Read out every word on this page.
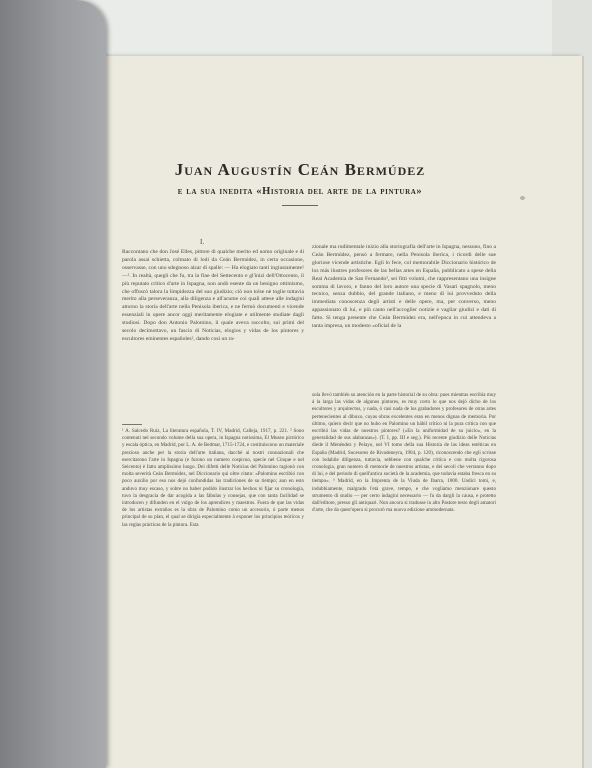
Juan Augustín Ceán Bermúdez
e la sua inedita «Historia del arte de la pintura»
I.

Raccontano che don José Elles, pittore di qualche merito ed uomo originale e di parola assai schietta, colmato di lodi da Ceán Bermúdez, in certa occasione, osservasse, con uno sdegnoso alzar di spalle: — Ha elogiato tanti ingiustamente! —¹. In realtà, quegli che fu, tra la fine del Settecento e gl'inizi dell'Ottocento, il più reputato critico d'arte in Ispagna, non andò esente da un benigno ottimismo, che offuscò talora la limpidezza del suo giudizio; ciò non tolse nè toglie tuttavia merito alla perseveranza, alla diligenza e all'acume coi quali attese alle indagini attorno la storia dell'arte nella Penisola iberica, e ne fermò documenti e vicende essenziali in opere ancor oggi meritamente elogiate e utilmente studiate dagli studiosi. Dopo don Antonio Palomino, il quale aveva raccolto, sui primi del secolo decimottavo, un fascio di Noticias, elogios y vidas de los pintores y escultores eminentes españoles², dando così un ra-

zionale ma rudimentale inizio alla storiografia dell'arte in Ispagna, nessuno, fino a Ceán Bermúdez, pensò a fermare, nella Penisola iberica, i ricordi delle sue gloriose vicende artistiche. Egli lo fece, col memorabile Diccionario histórico de los más ilustres profesores de las bellas artes en España, pubblicato a spese della Real Academia de San Fernando³, sei fitti volumi, che rappresentano una insigne somma di lavoro, e fanno del loro autore una specie di Vasari spagnolo, meno tecnico, senza dubbio, del grande italiano, e meno di lui provveduto della immediata conoscenza degli artisti e delle opere, ma, per converso, meno appassionato di lui, e più cauto nell'accoglier notizie e vagliar giudizi e dati di fatto. Si tenga presente che Ceán Bermúdez era, nell'epoca in cui attendeva a tanta impresa, un modesto «oficial de la

¹ A. Salcedo Ruiz, La literatura española, T. IV, Madrid, Calleja, 1917, p. 221. ² Sono contenuti nel secondo volume della sua opera, in Ispagna notissima, El Museo pictórico y escala óptica, en Madrid, por L. A. de Bedmar, 1715-1724, e costituiscono un materiale prezioso anche per la storia dell'arte italiana, dacchè ai nostri connazionali che esercitarono l'arte in Ispagna (e furono un numero cospicuo, specie nel Cinque e nel Seicento) è fatto amplissimo luogo. Dei difetti delle Noticias del Palomino ragionò con molta severità Ceán Bermúdez, nel Diccionario qui oltre citato: «Palomino escribió con poco auxilio por eso nos dejó confundidas las tradiciones de su tiempo; aun en esto anduvo muy escaso, y sobre no haber podido ilustrar los hechos ni fijar su cronología, tuvo la desgracia de dar acogida a las fábulas y consejas, que con tanta facilidad se introducen y difunden en el vulgo de los aprendices y maestros. Fuera de que las vidas de los artistas extraños es la obra de Palomino como un accesorio, ó parte menos principal de su plan, el qual se dirigía especialmente á exponer los principios teóricos y las reglas prácticas de la pintura. Esta

sola llevó también su atención en la parte historial de su obra: pues mientras escribía muy á la larga las vidas de algunos pintores, es muy corto lo que nos dejó dicho de los escultores y arquitectos, y nada, ó casi nada de los grabadores y profesores de otras artes pertenecientes al dibuxo, cuyas obras excelentes eran en menos dignas de memoria. Por último, quiero decir que no hubo en Palomino un hábil crítico ni la pura crítica con que escribió las vidas de nuestros pintores? («En la uniformidad de su juicio», en la generalidad de sus alabanzas»). (T. I, pp. III e seg.). Più recente giudizio delle Noticias diede il Menéndez y Pelayo, nel VI tomo della sua Historia de las ideas estéticas en España (Madrid, Sucesores de Rivadeneyra, 1904, p. 120), riconoscendo che egli scrisse con lodabile diligenza, tuttavia, sebbene con qualche critica e con molta rigorosa cronologia, gran numero di memorie de nuestros artistas, e dei secoli che verranno dopo di lui, e del periodo di quell'antica società de la academia, que todavía estaba fresca en su tiempo». ³ Madrid, en la Imprenta de la Viuda de Ibarra, 1800. Undici tomi, e, indubbiamente, malgrado l'età grave, tempo, e che vogliamo menzionare questo strumento di studio — per certo indagini necessario — fu da dargli la causa, e protetto dall'editore, presso gli antiquari. Non ancora si tradusse in alto Pastore testo degli amatori d'arte, che da quest'opera si procurò ma nuova edizione ammodernata.
